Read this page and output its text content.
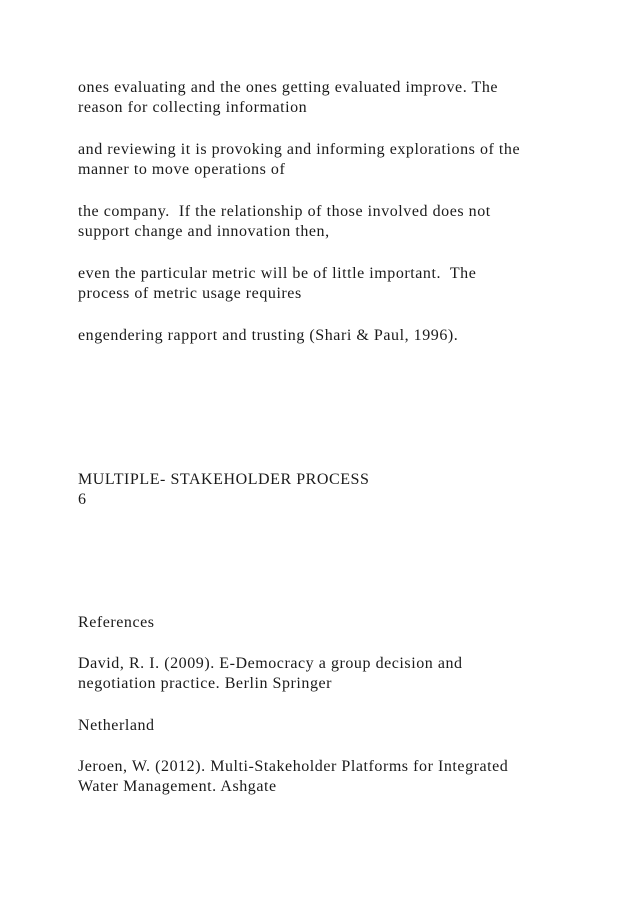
ones evaluating and the ones getting evaluated improve. The
reason for collecting information
and reviewing it is provoking and informing explorations of the
manner to move operations of
the company.  If the relationship of those involved does not
support change and innovation then,
even the particular metric will be of little important.  The
process of metric usage requires
engendering rapport and trusting (Shari & Paul, 1996).
MULTIPLE- STAKEHOLDER PROCESS
6
References
David, R. I. (2009). E-Democracy a group decision and
negotiation practice. Berlin Springer
Netherland
Jeroen, W. (2012). Multi-Stakeholder Platforms for Integrated
Water Management. Ashgate
